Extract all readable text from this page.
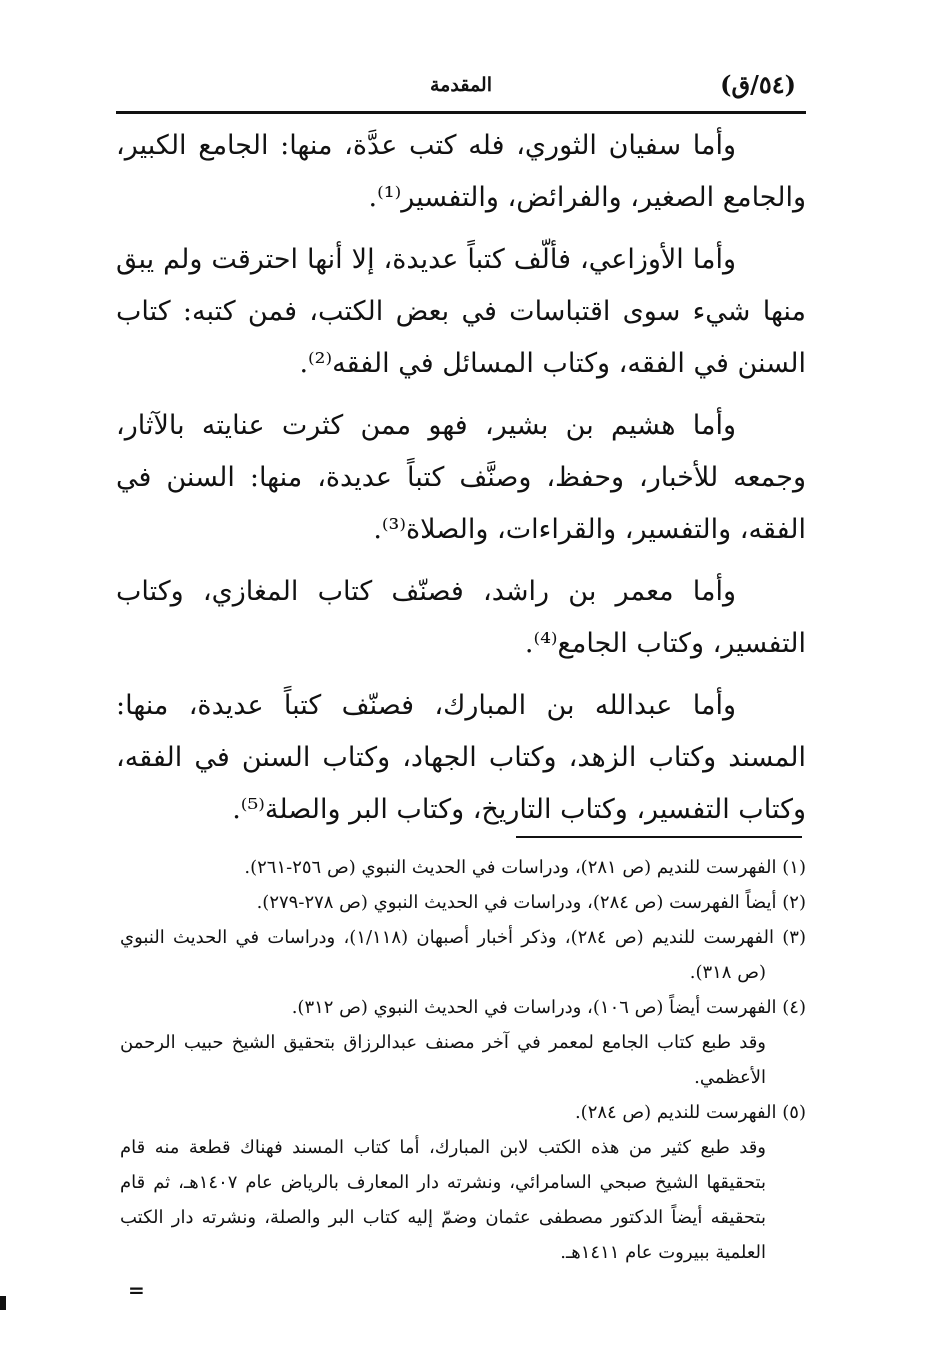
(٥٤/ق)
المقدمة

وأما سفيان الثوري، فله كتب عدَّة، منها: الجامع الكبير، والجامع الصغير، والفرائض، والتفسير⁽¹⁾.

وأما الأوزاعي، فألّف كتباً عديدة، إلا أنها احترقت ولم يبق منها شيء سوى اقتباسات في بعض الكتب، فمن كتبه: كتاب السنن في الفقه، وكتاب المسائل في الفقه⁽²⁾.

وأما هشيم بن بشير، فهو ممن كثرت عنايته بالآثار، وجمعه للأخبار، وحفظ، وصنَّف كتباً عديدة، منها: السنن في الفقه، والتفسير، والقراءات، والصلاة⁽³⁾.

وأما معمر بن راشد، فصنّف كتاب المغازي، وكتاب التفسير، وكتاب الجامع⁽⁴⁾.

وأما عبدالله بن المبارك، فصنّف كتباً عديدة، منها: المسند وكتاب الزهد، وكتاب الجهاد، وكتاب السنن في الفقه، وكتاب التفسير، وكتاب التاريخ، وكتاب البر والصلة⁽⁵⁾.

(١) الفهرست للنديم (ص ٢٨١)، ودراسات في الحديث النبوي (ص ٢٥٦-٢٦١).

(٢) أيضاً الفهرست (ص ٢٨٤)، ودراسات في الحديث النبوي (ص ٢٧٨-٢٧٩).

(٣) الفهرست للنديم (ص ٢٨٤)، وذكر أخبار أصبهان (١/١١٨)، ودراسات في الحديث النبوي (ص ٣١٨).

(٤) الفهرست أيضاً (ص ١٠٦)، ودراسات في الحديث النبوي (ص ٣١٢).

وقد طبع كتاب الجامع لمعمر في آخر مصنف عبدالرزاق بتحقيق الشيخ حبيب الرحمن الأعظمي.

(٥) الفهرست للنديم (ص ٢٨٤).

وقد طبع كثير من هذه الكتب لابن المبارك، أما كتاب المسند فهناك قطعة منه قام بتحقيقها الشيخ صبحي السامرائي، ونشرته دار المعارف بالرياض عام ١٤٠٧هـ، ثم قام بتحقيقه أيضاً الدكتور مصطفى عثمان وضمّ إليه كتاب البر والصلة، ونشرته دار الكتب العلمية ببيروت عام ١٤١١هـ.

=
